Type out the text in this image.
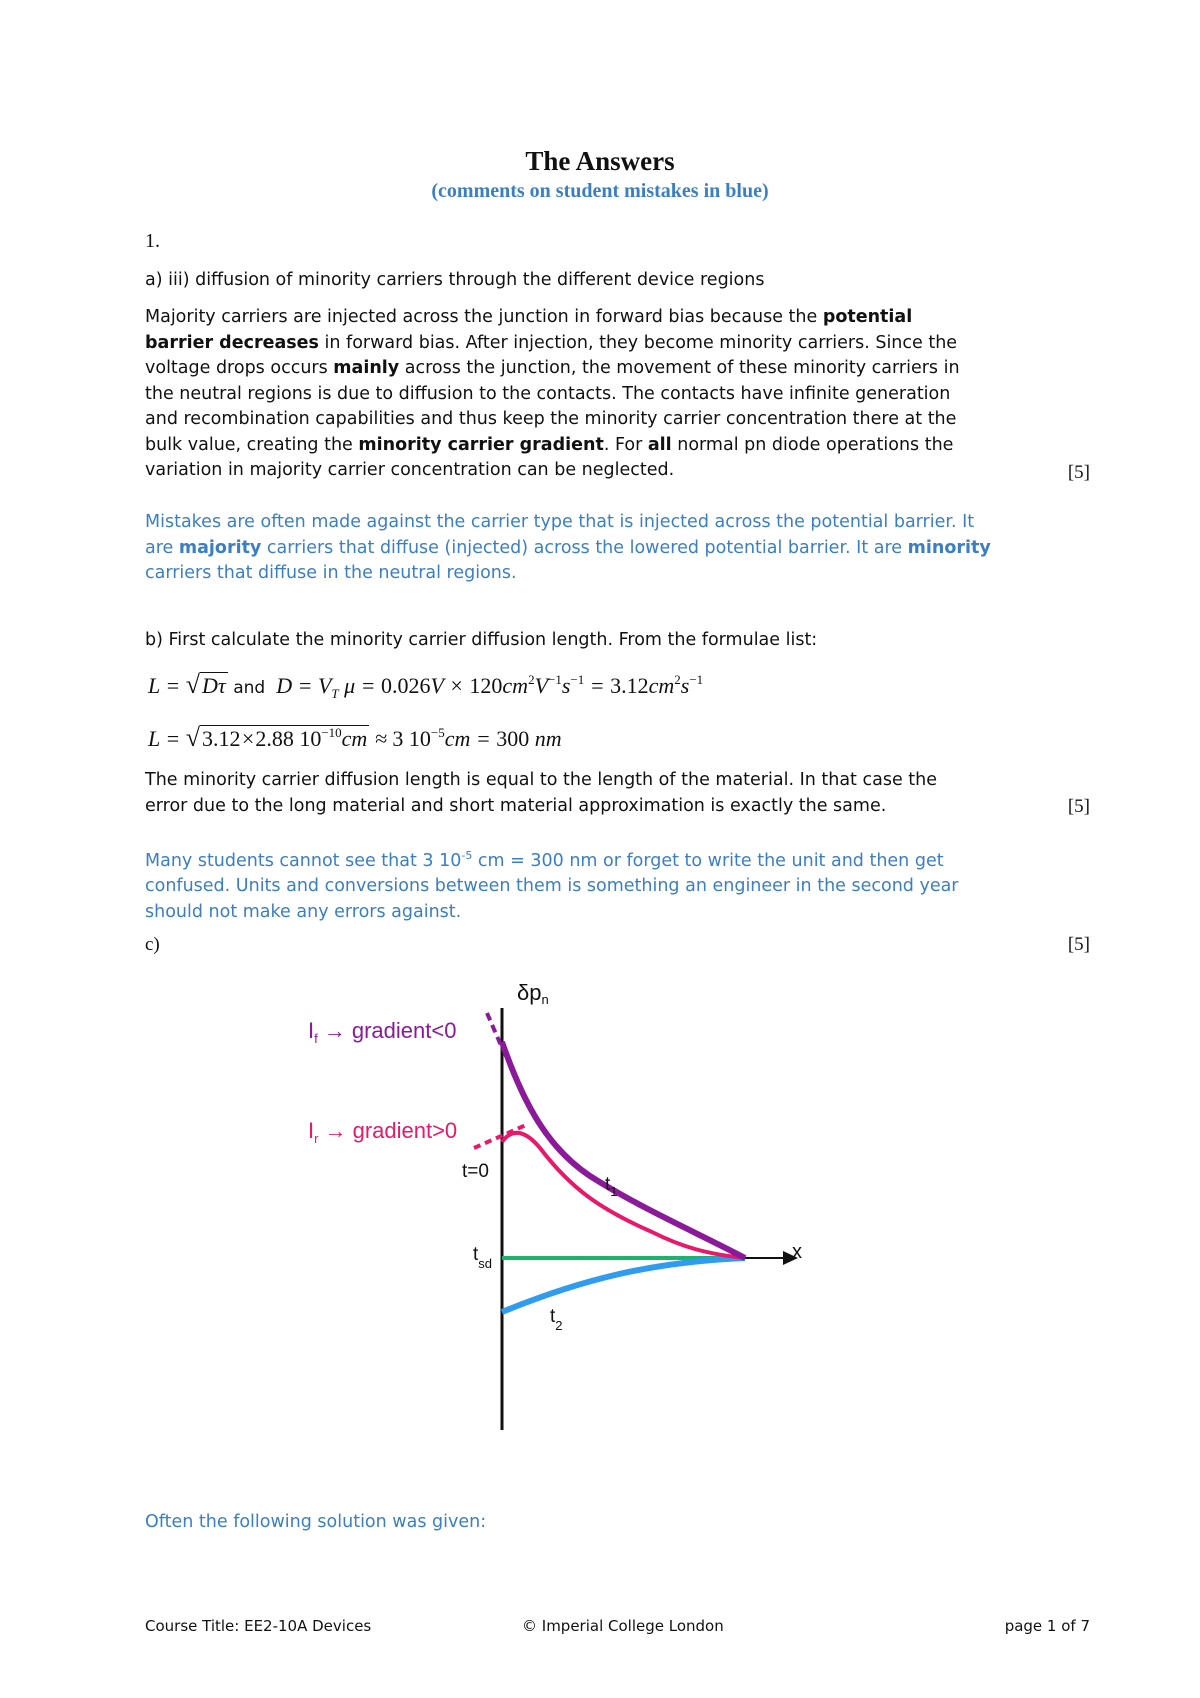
The Answers
(comments on student mistakes in blue)
1.
a) iii) diffusion of minority carriers through the different device regions
Majority carriers are injected across the junction in forward bias because the potential barrier decreases in forward bias. After injection, they become minority carriers. Since the voltage drops occurs mainly across the junction, the movement of these minority carriers in the neutral regions is due to diffusion to the contacts. The contacts have infinite generation and recombination capabilities and thus keep the minority carrier concentration there at the bulk value, creating the minority carrier gradient. For all normal pn diode operations the variation in majority carrier concentration can be neglected.	[5]
Mistakes are often made against the carrier type that is injected across the potential barrier. It are majority carriers that diffuse (injected) across the lowered potential barrier. It are minority carriers that diffuse in the neutral regions.
b) First calculate the minority carrier diffusion length. From the formulae list:
L = √Dτ and  $D = V_T$ $\mu = 0.026V \times 120cm^2V^{-1}s^{-1} = 3.12cm^2s^{-1}$
L = √3.12×2.88 $10^{-10}cm \approx 3$ $10^{-5}cm = 300$ nm
The minority carrier diffusion length is equal to the length of the material. In that case the error due to the long material and short material approximation is exactly the same.	[5]
Many students cannot see that 3 $10^{-5}$ cm = 300 nm or forget to write the unit and then get confused. Units and conversions between them is something an engineer in the second year should not make any errors against.
c)	[5]
δpn
x
$I_f$ → gradient<0
$I_r$ → gradient>0
t=0
$t_1$
$t_{sd}$
$t_2$
Often the following solution was given:
Course Title: EE2-10A Devices	© Imperial College London	page 1 of 7
